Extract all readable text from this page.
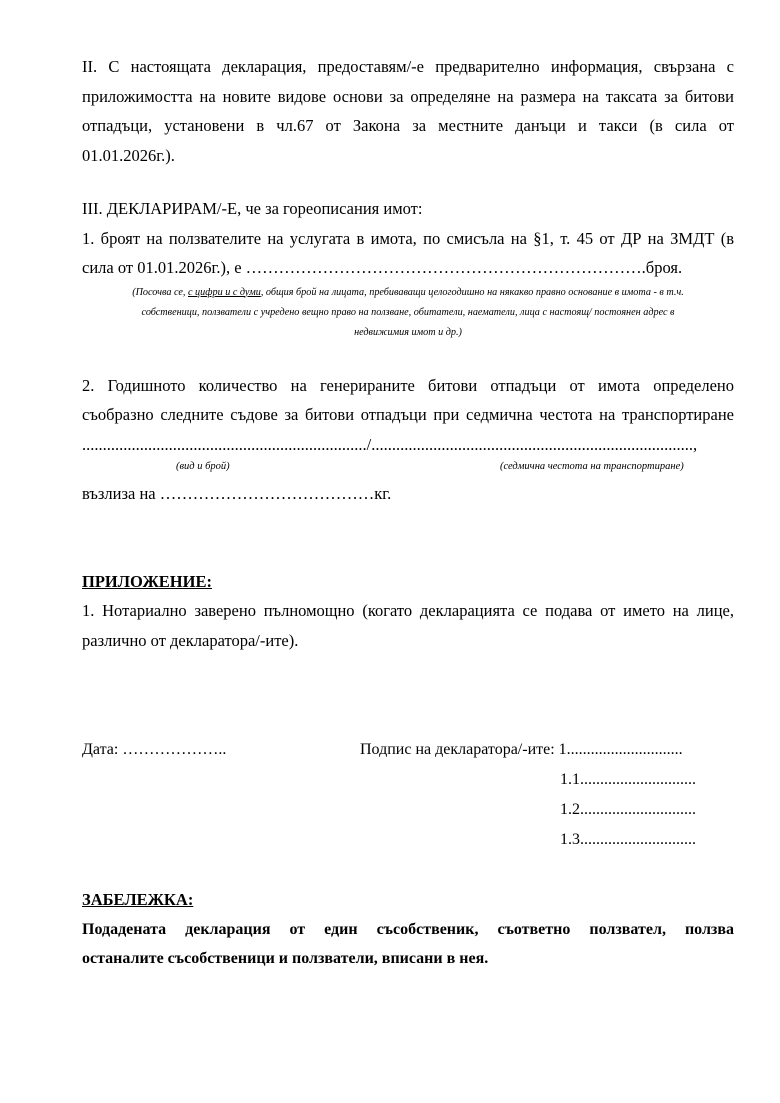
II. С настоящата декларация, предоставям/-е предварително информация, свързана с

приложимостта на новите видове основи за определяне на размера на таксата за битови

отпадъци, установени в чл.67 от Закона за местните данъци и такси (в сила от

01.01.2026г.).

III. ДЕКЛАРИРАМ/-Е, че за гореописания имот:

1. броят на ползвателите на услугата в имота, по смисъла на §1, т. 45 от ДР на ЗМДТ (в

сила от 01.01.2026г.), е ……………………………………………………………….броя.

(Посочва се, с цифри и с думи, общия брой на лицата, пребиваващи целогодишно на някакво правно основание в имота - в т.ч.
собственици, ползватели с учредено вещно право на ползване, обитатели, наематели, лица с настоящ/ постоянен адрес в
недвижимия имот и др.)

2. Годишното количество на генерираните битови отпадъци от имота определено

съобразно следните съдове за битови отпадъци при седмична честота на транспортиране

...................................................................../..............................................................................,

(вид и брой)	(седмична честота на транспортиране)

възлиза на …………………………………кг.

ПРИЛОЖЕНИЕ:

1. Нотариално заверено пълномощно (когато декларацията се подава от името на лице,

различно от декларатора/-ите).

Дата: ………………..	Подпис на декларатора/-ите: 1.............................
1.1.............................
1.2.............................
1.3.............................

ЗАБЕЛЕЖКА:

Подадената декларация от един съсобственик, съответно ползвател, ползва

останалите съсобственици и ползватели, вписани в нея.
